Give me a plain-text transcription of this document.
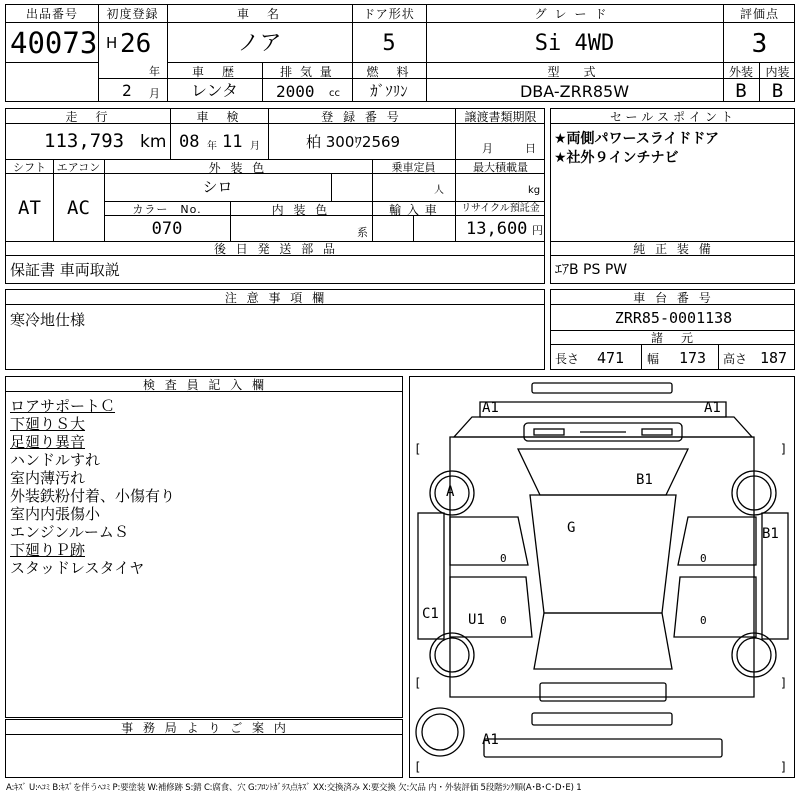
出品番号
40073
初度登録
H 26
年
2 月
車　名
ノア
ドア形状
5
グレード
Si 4WD
評価点
3
車　歴
レンタ
排 気 量
2000 cc
燃　料
ｶﾞｿﾘﾝ
型　式
DBA-ZRR85W
外装	内装
B	B
走　行
113,793 km
車　検
08 年 11 月
登 録 番 号
柏 300ﾜ2569
譲渡書類期限
月	日
シフト
AT
エアコン
AC
外 装 色
シロ
乗車定員
人
最大積載量
kg
カラー　No.
070
内 装 色
系
輸 入 車	リサイクル預託金
13,600 円
後 日 発 送 部 品
保証書 車両取説
セールスポイント
★両側パワースライドドア
★社外９インチナビ
純 正 装 備
ｴｱB PS PW
注 意 事 項 欄
寒冷地仕様
車 台 番 号
ZRR85-0001138
諸　元
長さ 471 幅 173 高さ 187
検 査 員 記 入 欄
ロアサポートＣ
下廻りＳ大
足廻り異音
ハンドルすれ
室内薄汚れ
外装鉄粉付着、小傷有り
室内内張傷小
エンジンルームＳ
下廻りＰ跡
スタッドレスタイヤ
事 務 局 よ り ご 案 内
A1	A1
B1
A
G	B1
C1 U1
A1
0	0
0	0
[	]
[	]
[	]
A:ｷｽﾞ U:ﾍｺﾐ B:ｷｽﾞを伴うﾍｺﾐ P:要塗装 W:補修跡 S:錆 C:腐食、穴 G:ﾌﾛﾝﾄｶﾞﾗｽ点ｷｽﾞ XX:交換済み X:要交換 欠:欠品 内・外装評価 5段階ﾗﾝｸ順(A･B･C･D･E) 1
